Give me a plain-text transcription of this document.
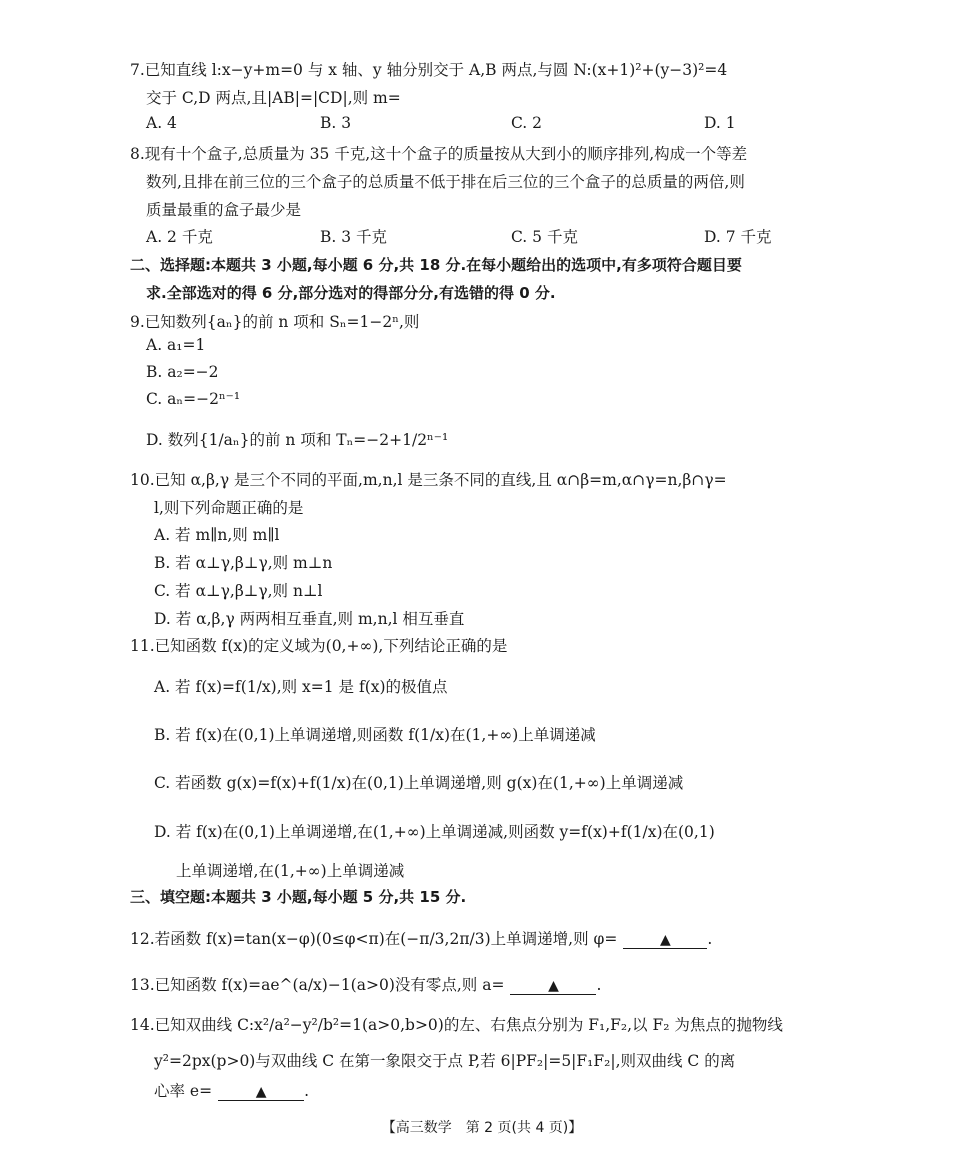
7.已知直线 l:x−y+m=0 与 x 轴、y 轴分别交于 A,B 两点,与圆 N:(x+1)²+(y−3)²=4
交于 C,D 两点,且|AB|=|CD|,则 m=
A. 4	B. 3	C. 2	D. 1
8.现有十个盒子,总质量为 35 千克,这十个盒子的质量按从大到小的顺序排列,构成一个等差
数列,且排在前三位的三个盒子的总质量不低于排在后三位的三个盒子的总质量的两倍,则
质量最重的盒子最少是
A. 2 千克	B. 3 千克	C. 5 千克	D. 7 千克
二、选择题:本题共 3 小题,每小题 6 分,共 18 分.在每小题给出的选项中,有多项符合题目要
求.全部选对的得 6 分,部分选对的得部分分,有选错的得 0 分.
9.已知数列{aₙ}的前 n 项和 Sₙ=1−2ⁿ,则
A. a₁=1
B. a₂=−2
C. aₙ=−2ⁿ⁻¹
D. 数列{1/aₙ}的前 n 项和 Tₙ=−2+1/2ⁿ⁻¹
10.已知 α,β,γ 是三个不同的平面,m,n,l 是三条不同的直线,且 α∩β=m,α∩γ=n,β∩γ=
l,则下列命题正确的是
A. 若 m∥n,则 m∥l
B. 若 α⊥γ,β⊥γ,则 m⊥n
C. 若 α⊥γ,β⊥γ,则 n⊥l
D. 若 α,β,γ 两两相互垂直,则 m,n,l 相互垂直
11.已知函数 f(x)的定义域为(0,+∞),下列结论正确的是
A. 若 f(x)=f(1/x),则 x=1 是 f(x)的极值点
B. 若 f(x)在(0,1)上单调递增,则函数 f(1/x)在(1,+∞)上单调递减
C. 若函数 g(x)=f(x)+f(1/x)在(0,1)上单调递增,则 g(x)在(1,+∞)上单调递减
D. 若 f(x)在(0,1)上单调递增,在(1,+∞)上单调递减,则函数 y=f(x)+f(1/x)在(0,1)
上单调递增,在(1,+∞)上单调递减
三、填空题:本题共 3 小题,每小题 5 分,共 15 分.
12.若函数 f(x)=tan(x−φ)(0≤φ<π)在(−π/3,2π/3)上单调递增,则 φ=	▲ .
13.已知函数 f(x)=ae^(a/x)−1(a>0)没有零点,则 a=	▲ .
14.已知双曲线 C:x²/a²−y²/b²=1(a>0,b>0)的左、右焦点分别为 F₁,F₂,以 F₂ 为焦点的抛物线
y²=2px(p>0)与双曲线 C 在第一象限交于点 P,若 6|PF₂|=5|F₁F₂|,则双曲线 C 的离
心率 e=	▲ .
【高三数学　第 2 页(共 4 页)】
